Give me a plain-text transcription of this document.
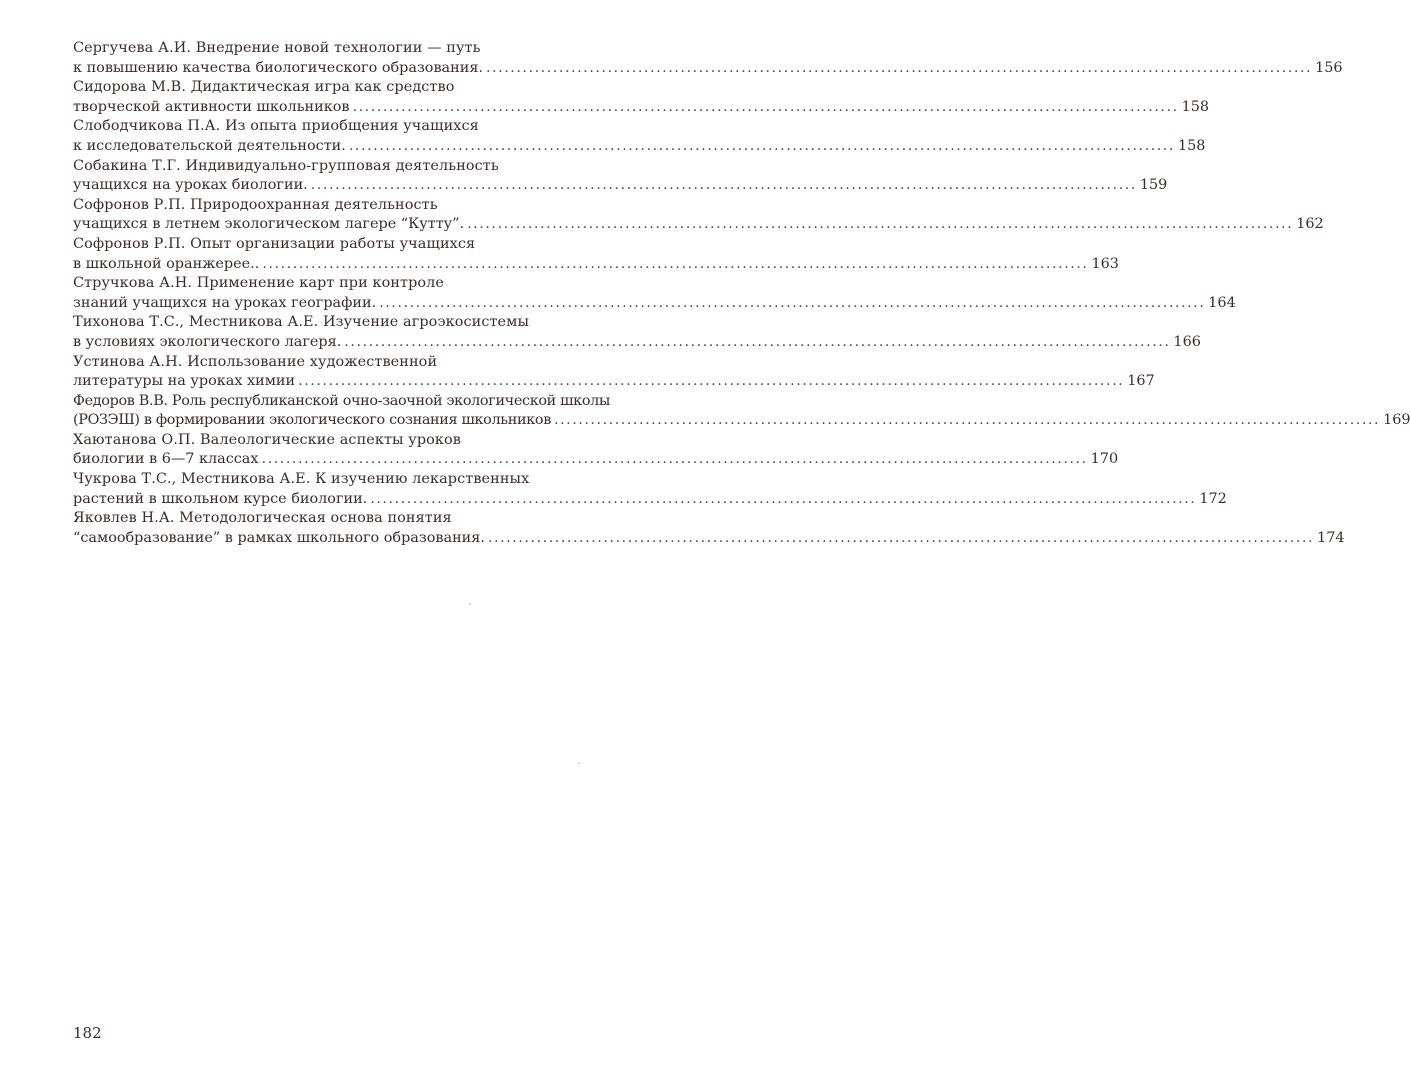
Сергучева А.И. Внедрение новой технологии — путь
к повышению качества биологического образования. ........................................................................................................................................ 156
Сидорова М.В. Дидактическая игра как средство
творческой активности школьников ........................................................................................................................................ 158
Слободчикова П.А. Из опыта приобщения учащихся
к исследовательской деятельности. ........................................................................................................................................ 158
Собакина Т.Г. Индивидуально-групповая деятельность
учащихся на уроках биологии. ........................................................................................................................................ 159
Софронов Р.П. Природоохранная деятельность
учащихся в летнем экологическом лагере “Кутту”. ........................................................................................................................................ 162
Софронов Р.П. Опыт организации работы учащихся
в школьной оранжерее.. ........................................................................................................................................ 163
Стручкова А.Н. Применение карт при контроле
знаний учащихся на уроках географии. ........................................................................................................................................ 164
Тихонова Т.С., Местникова А.Е. Изучение агроэкосистемы
в условиях экологического лагеря. ........................................................................................................................................ 166
Устинова А.Н. Использование художественной
литературы на уроках химии ........................................................................................................................................ 167
Федоров В.В. Роль республиканской очно-заочной экологической школы
(РОЗЭШ) в формировании экологического сознания школьников ........................................................................................................................................ 169
Хаютанова О.П. Валеологические аспекты уроков
биологии в 6—7 классах ........................................................................................................................................ 170
Чукрова Т.С., Местникова А.Е. К изучению лекарственных
растений в школьном курсе биологии. ........................................................................................................................................ 172
Яковлев Н.А. Методологическая основа понятия
“самообразование” в рамках школьного образования. ........................................................................................................................................ 174
182
